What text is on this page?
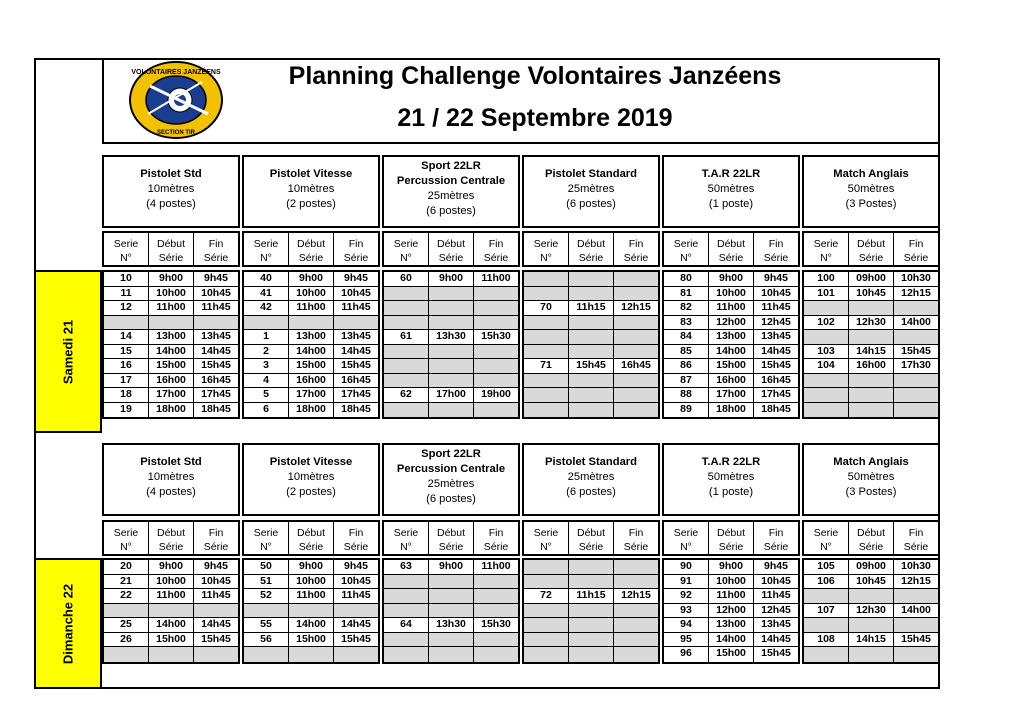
VOLONTAIRES JANZÉENS
SECTION TIR
Planning Challenge Volontaires Janzéens
21 / 22 Septembre 2019
Samedi 21
Dimanche 22
Pistolet Std
10mètres
(4 postes)
Serie
N°
Début
Série
Fin
Série
10	9h00	9h45
11	10h00	10h45
12	11h00	11h45
14	13h00	13h45
15	14h00	14h45
16	15h00	15h45
17	16h00	16h45
18	17h00	17h45
19	18h00	18h45
Pistolet Vitesse
10mètres
(2 postes)
Serie
N°
Début
Série
Fin
Série
40	9h00	9h45
41	10h00	10h45
42	11h00	11h45
1	13h00	13h45
2	14h00	14h45
3	15h00	15h45
4	16h00	16h45
5	17h00	17h45
6	18h00	18h45
Sport 22LR
Percussion Centrale
25mètres
(6 postes)
Serie
N°
Début
Série
Fin
Série
60	9h00	11h00
61	13h30	15h30
62	17h00	19h00
Pistolet Standard
25mètres
(6 postes)
Serie
N°
Début
Série
Fin
Série
70	11h15	12h15
71	15h45	16h45
T.A.R 22LR
50mètres
(1 poste)
Serie
N°
Début
Série
Fin
Série
80	9h00	9h45
81	10h00	10h45
82	11h00	11h45
83	12h00	12h45
84	13h00	13h45
85	14h00	14h45
86	15h00	15h45
87	16h00	16h45
88	17h00	17h45
89	18h00	18h45
Match Anglais
50mètres
(3 Postes)
Serie
N°
Début
Série
Fin
Série
100	09h00	10h30
101	10h45	12h15
102	12h30	14h00
103	14h15	15h45
104	16h00	17h30
Pistolet Std
10mètres
(4 postes)
Serie
N°
Début
Série
Fin
Série
20	9h00	9h45
21	10h00	10h45
22	11h00	11h45
25	14h00	14h45
26	15h00	15h45
Pistolet Vitesse
10mètres
(2 postes)
Serie
N°
Début
Série
Fin
Série
50	9h00	9h45
51	10h00	10h45
52	11h00	11h45
55	14h00	14h45
56	15h00	15h45
Sport 22LR
Percussion Centrale
25mètres
(6 postes)
Serie
N°
Début
Série
Fin
Série
63	9h00	11h00
64	13h30	15h30
Pistolet Standard
25mètres
(6 postes)
Serie
N°
Début
Série
Fin
Série
72	11h15	12h15
T.A.R 22LR
50mètres
(1 poste)
Serie
N°
Début
Série
Fin
Série
90	9h00	9h45
91	10h00	10h45
92	11h00	11h45
93	12h00	12h45
94	13h00	13h45
95	14h00	14h45
96	15h00	15h45
Match Anglais
50mètres
(3 Postes)
Serie
N°
Début
Série
Fin
Série
105	09h00	10h30
106	10h45	12h15
107	12h30	14h00
108	14h15	15h45
